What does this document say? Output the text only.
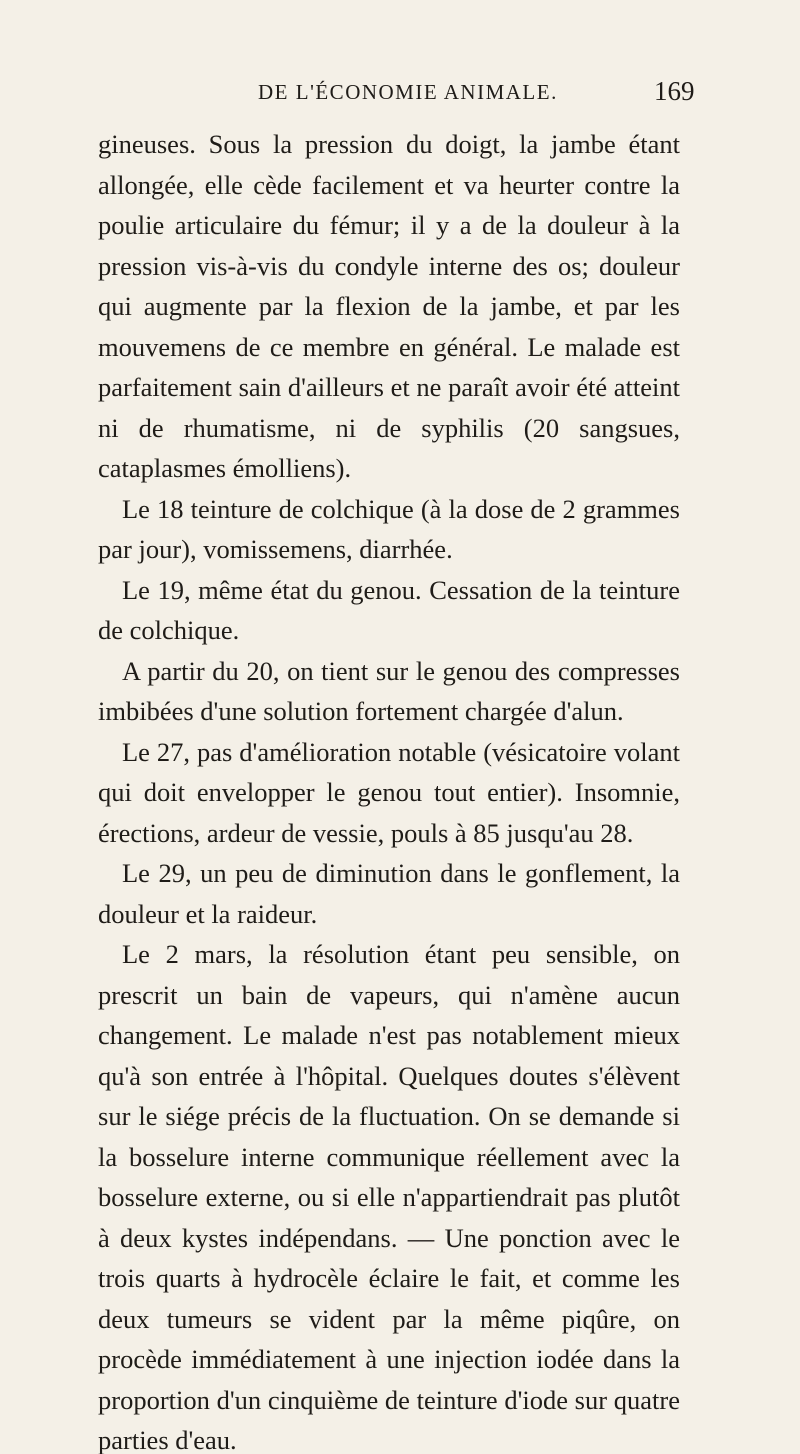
DE L'ÉCONOMIE ANIMALE.	169

gineuses. Sous la pression du doigt, la jambe étant allongée, elle cède facilement et va heurter contre la poulie articulaire du fémur; il y a de la douleur à la pression vis-à-vis du condyle interne des os; douleur qui augmente par la flexion de la jambe, et par les mouvemens de ce membre en général. Le malade est parfaitement sain d'ailleurs et ne paraît avoir été atteint ni de rhumatisme, ni de syphilis (20 sangsues, cataplasmes émolliens).

Le 18 teinture de colchique (à la dose de 2 grammes par jour), vomissemens, diarrhée.

Le 19, même état du genou. Cessation de la teinture de colchique.

A partir du 20, on tient sur le genou des compresses imbibées d'une solution fortement chargée d'alun.

Le 27, pas d'amélioration notable (vésicatoire volant qui doit envelopper le genou tout entier). Insomnie, érections, ardeur de vessie, pouls à 85 jusqu'au 28.

Le 29, un peu de diminution dans le gonflement, la douleur et la raideur.

Le 2 mars, la résolution étant peu sensible, on prescrit un bain de vapeurs, qui n'amène aucun changement. Le malade n'est pas notablement mieux qu'à son entrée à l'hôpital. Quelques doutes s'élèvent sur le siége précis de la fluctuation. On se demande si la bosselure interne communique réellement avec la bosselure externe, ou si elle n'appartiendrait pas plutôt à deux kystes indépendans. — Une ponction avec le trois quarts à hydrocèle éclaire le fait, et comme les deux tumeurs se vident par la même piqûre, on procède immédiatement à une injection iodée dans la proportion d'un cinquième de teinture d'iode sur quatre parties d'eau.
